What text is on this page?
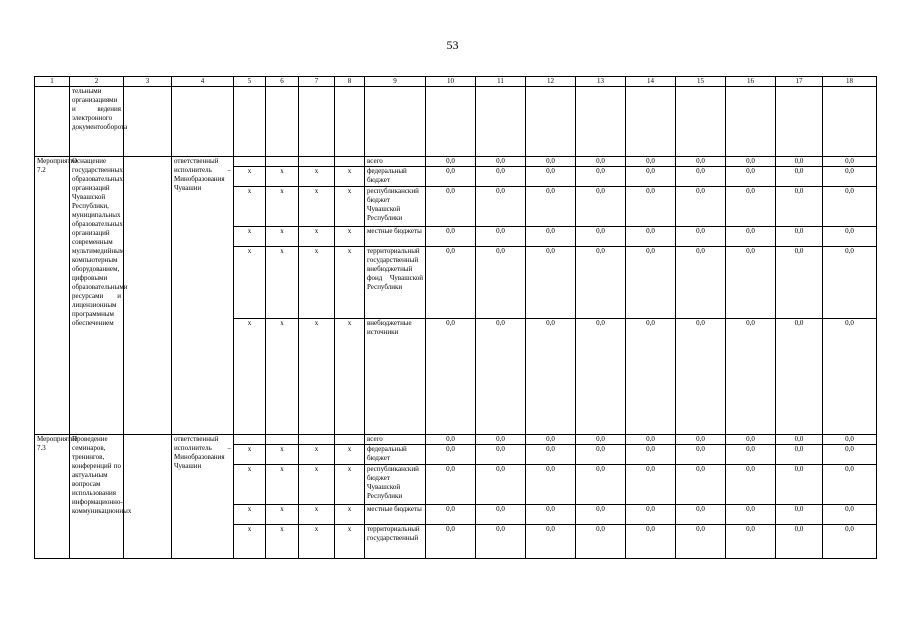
53
1	2	3	4	5	6	7	8	9	10	11	12	13	14	15	16	17	18
	тельными организациями и ведения электронного документооборота																
Мероприятие 7.2	Оснащение государственных образовательных организаций Чувашской Республики, муниципальных образовательных организаций современным мультимедийным компьютерным оборудованием, цифровыми образовательными ресурсами и лицензионным программным обеспечением		ответственный исполнитель – Минобразования Чувашии					всего	0,0	0,0	0,0	0,0	0,0	0,0	0,0	0,0	0,0
				х	х	х	х	федеральный бюджет	0,0	0,0	0,0	0,0	0,0	0,0	0,0	0,0	0,0
				х	х	х	х	республиканский бюджет Чувашской Республики	0,0	0,0	0,0	0,0	0,0	0,0	0,0	0,0	0,0
				х	х	х	х	местные бюджеты	0,0	0,0	0,0	0,0	0,0	0,0	0,0	0,0	0,0
				х	х	х	х	территориальный государственный внебюджетный фонд Чувашской Республики	0,0	0,0	0,0	0,0	0,0	0,0	0,0	0,0	0,0
				х	х	х	х	внебюджетные источники	0,0	0,0	0,0	0,0	0,0	0,0	0,0	0,0	0,0
Мероприятие 7.3	Проведение семинаров, тренингов, конференций по актуальным вопросам использования информационно-коммуникационных		ответственный исполнитель – Минобразования Чувашии					всего	0,0	0,0	0,0	0,0	0,0	0,0	0,0	0,0	0,0
				х	х	х	х	федеральный бюджет	0,0	0,0	0,0	0,0	0,0	0,0	0,0	0,0	0,0
				х	х	х	х	республиканский бюджет Чувашской Республики	0,0	0,0	0,0	0,0	0,0	0,0	0,0	0,0	0,0
				х	х	х	х	местные бюджеты	0,0	0,0	0,0	0,0	0,0	0,0	0,0	0,0	0,0
				х	х	х	х	территориальный государственный	0,0	0,0	0,0	0,0	0,0	0,0	0,0	0,0	0,0
